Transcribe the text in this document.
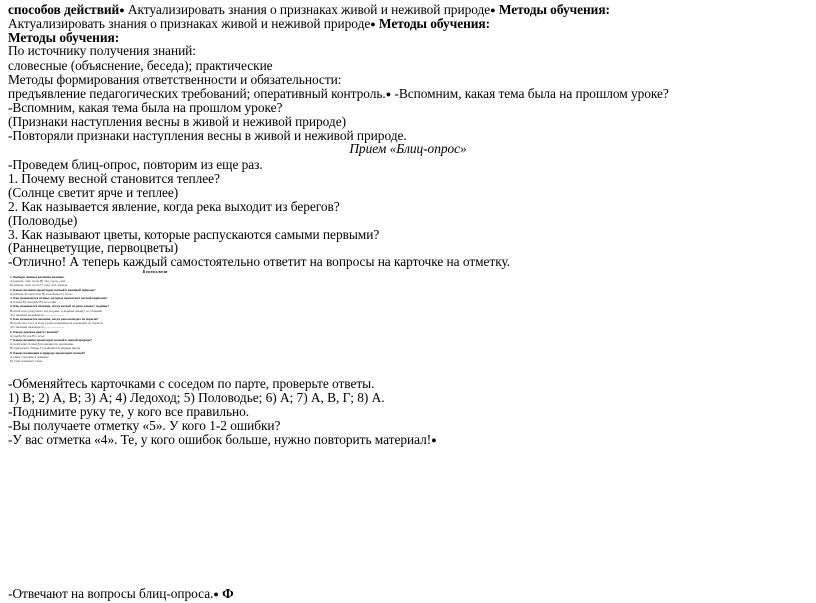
способов действий● Актуализировать знания о признаках живой и неживой природе● Методы обучения:
Актуализировать знания о признаках живой и неживой природе● Методы обучения:
Методы обучения:
По источнику получения знаний:
словесные (объяснение, беседа); практические
Методы формирования ответственности и обязательности:
предъявление педагогических требований; оперативный контроль.● -Вспомним, какая тема была на прошлом уроке?
-Вспомним, какая тема была на прошлом уроке?
(Признаки наступления весны в живой и неживой природе)
-Повторяли признаки наступления весны в живой и неживой природе.
Прием «Блиц-опрос»
-Проведем блиц-опрос, повторим из еще раз.
1. Почему весной становится теплее?
(Солнце светит ярче и теплее)
2. Как называется явление, когда река выходит из берегов?
(Половодье)
3. Как называют цветы, которые распускаются самыми первыми?
(Раннецветущие, первоцветы)
-Отлично! А теперь каждый самостоятельно ответит на вопросы на карточке на отметку.
В гости к весне
1. Выбери лишнее весеннее явление.
А) капель, лёд, гроза В) лёд, гроза, снег
Б) капель, снег, гроза Г) снег, лед, капель
2. Какие явления происходят весной в неживой природе?
А) капель Б) листопад В) половодье Г) гроза
3. Как называются птицы, которые прилетают весной первыми?
А) грачи Б) скворцы В) ласточки
4. Как называется явление, когда весной по реке плывут льдины?
Весной вода разрушает лед на реке, и льдины плывут по течению
Это явление называется ........................
5. Как называется явление, когда река выходит из берегов?
Весной снег тает, и вода в реке поднимается и выходит из берегов
Это явление называется ........................
6. Какие деревья цветут весной?
А) верба Б) ель В) сосна
7. Какие явления происходят весной в живой природе?
А) набухают почки Б) появляются насекомые
В) прилетают птицы Г) появляются первые цветы
8. Какие изменения в природе происходят весной?
А) Дни становятся длиннее
Б) Снег начинает таять
-Обменяйтесь карточками с соседом по парте, проверьте ответы.
1) В; 2) А, В; 3) А; 4) Ледоход; 5) Половодье; 6) А; 7) А, В, Г; 8) А.
-Поднимите руку те, у кого все правильно.
-Вы получаете отметку «5». У кого 1-2 ошибки?
-У вас отметка «4». Те, у кого ошибок больше, нужно повторить материал!●
-Отвечают на вопросы блиц-опроса.● Ф
